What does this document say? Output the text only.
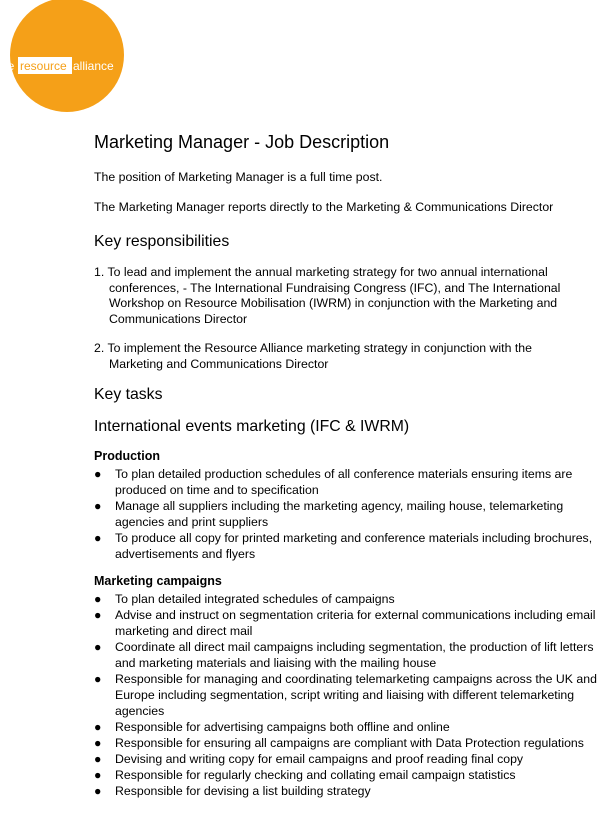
ne resource alliance
Marketing Manager - Job Description

The position of Marketing Manager is a full time post.

The Marketing Manager reports directly to the Marketing & Communications Director

Key responsibilities
1. To lead and implement the annual marketing strategy for two annual international
conferences, - The International Fundraising Congress (IFC), and The International Workshop on Resource Mobilisation (IWRM) in conjunction with the Marketing and Communications Director
2. To implement the Resource Alliance marketing strategy in conjunction with the
Marketing and Communications Director
Key tasks
International events marketing (IFC & IWRM)
Production
● To plan detailed production schedules of all conference materials ensuring items are produced on time and to specification
● Manage all suppliers including the marketing agency, mailing house, telemarketing agencies and print suppliers
● To produce all copy for printed marketing and conference materials including brochures, advertisements and flyers
Marketing campaigns
● To plan detailed integrated schedules of campaigns
● Advise and instruct on segmentation criteria for external communications including email marketing and direct mail
● Coordinate all direct mail campaigns including segmentation, the production of lift letters and marketing materials and liaising with the mailing house
● Responsible for managing and coordinating telemarketing campaigns across the UK and Europe including segmentation, script writing and liaising with different telemarketing agencies
● Responsible for advertising campaigns both offline and online
● Responsible for ensuring all campaigns are compliant with Data Protection regulations
● Devising and writing copy for email campaigns and proof reading final copy
● Responsible for regularly checking and collating email campaign statistics
● Responsible for devising a list building strategy
